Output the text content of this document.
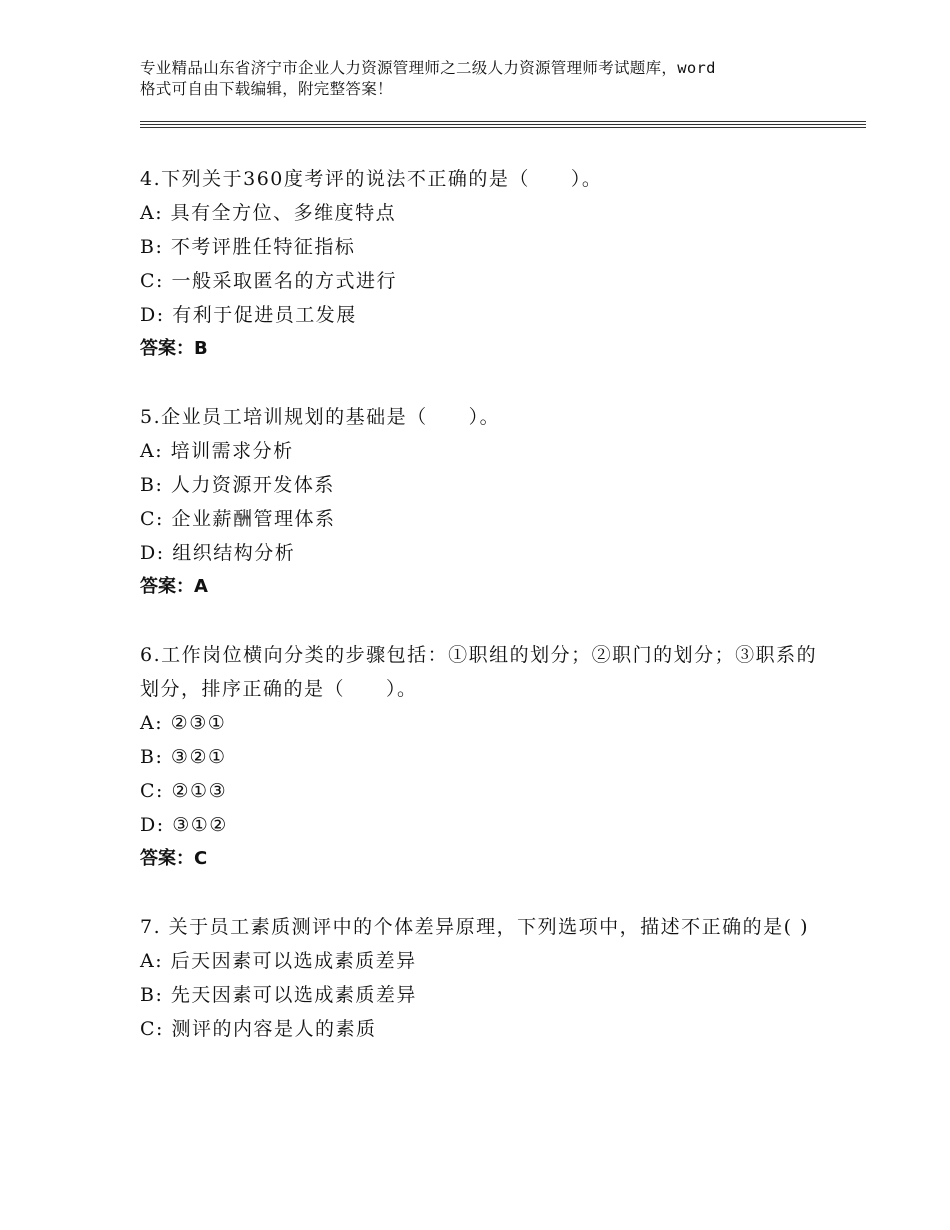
专业精品山东省济宁市企业人力资源管理师之二级人力资源管理师考试题库，word
格式可自由下载编辑，附完整答案！

4.下列关于360度考评的说法不正确的是（　　）。

A: 具有全方位、多维度特点

B: 不考评胜任特征指标

C: 一般采取匿名的方式进行

D: 有利于促进员工发展

答案：B

5.企业员工培训规划的基础是（　　）。

A: 培训需求分析

B: 人力资源开发体系

C: 企业薪酬管理体系

D: 组织结构分析

答案：A

6.工作岗位横向分类的步骤包括：①职组的划分；②职门的划分；③职系的划分，排序正确的是（　　）。

A: ②③①

B: ③②①

C: ②①③

D: ③①②

答案：C

7. 关于员工素质测评中的个体差异原理，下列选项中，描述不正确的是( )

A: 后天因素可以选成素质差异

B: 先天因素可以选成素质差异

C: 测评的内容是人的素质
